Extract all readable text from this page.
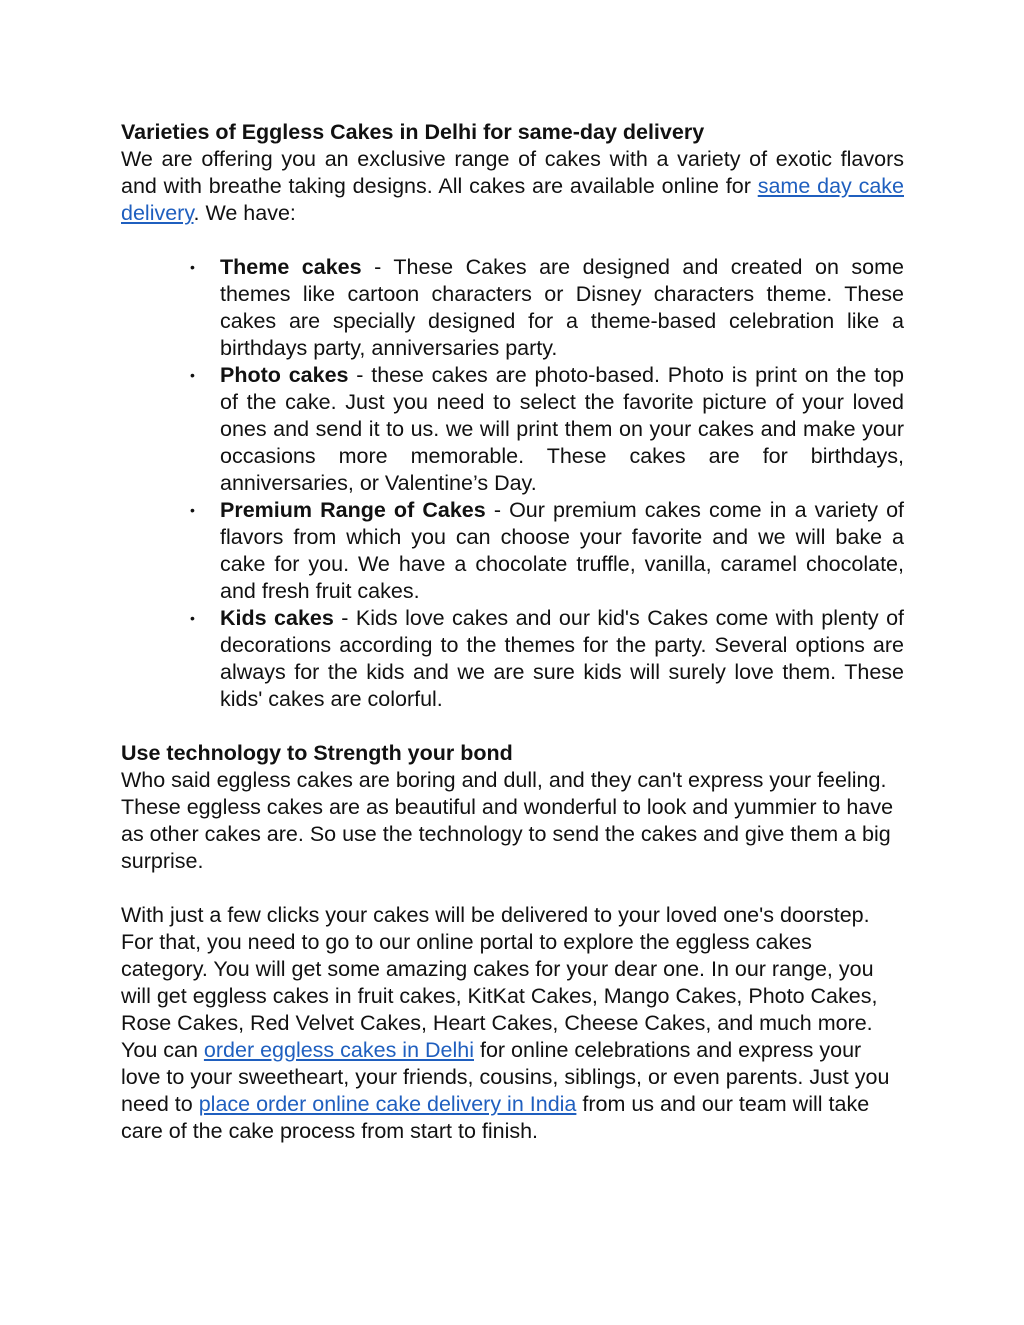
Varieties of Eggless Cakes in Delhi for same-day delivery

We are offering you an exclusive range of cakes with a variety of exotic flavors and with breathe taking designs. All cakes are available online for same day cake delivery. We have:

• Theme cakes - These Cakes are designed and created on some themes like cartoon characters or Disney characters theme. These cakes are specially designed for a theme-based celebration like a birthdays party, anniversaries party.
• Photo cakes - these cakes are photo-based. Photo is print on the top of the cake. Just you need to select the favorite picture of your loved ones and send it to us. we will print them on your cakes and make your occasions more memorable. These cakes are for birthdays, anniversaries, or Valentine’s Day.
• Premium Range of Cakes - Our premium cakes come in a variety of flavors from which you can choose your favorite and we will bake a cake for you. We have a chocolate truffle, vanilla, caramel chocolate, and fresh fruit cakes.
• Kids cakes - Kids love cakes and our kid's Cakes come with plenty of decorations according to the themes for the party. Several options are always for the kids and we are sure kids will surely love them. These kids' cakes are colorful.

Use technology to Strength your bond

Who said eggless cakes are boring and dull, and they can't express your feeling. These eggless cakes are as beautiful and wonderful to look and yummier to have as other cakes are. So use the technology to send the cakes and give them a big surprise.

With just a few clicks your cakes will be delivered to your loved one's doorstep. For that, you need to go to our online portal to explore the eggless cakes category. You will get some amazing cakes for your dear one. In our range, you will get eggless cakes in fruit cakes, KitKat Cakes, Mango Cakes, Photo Cakes, Rose Cakes, Red Velvet Cakes, Heart Cakes, Cheese Cakes, and much more. You can order eggless cakes in Delhi for online celebrations and express your love to your sweetheart, your friends, cousins, siblings, or even parents. Just you need to place order online cake delivery in India from us and our team will take care of the cake process from start to finish.
